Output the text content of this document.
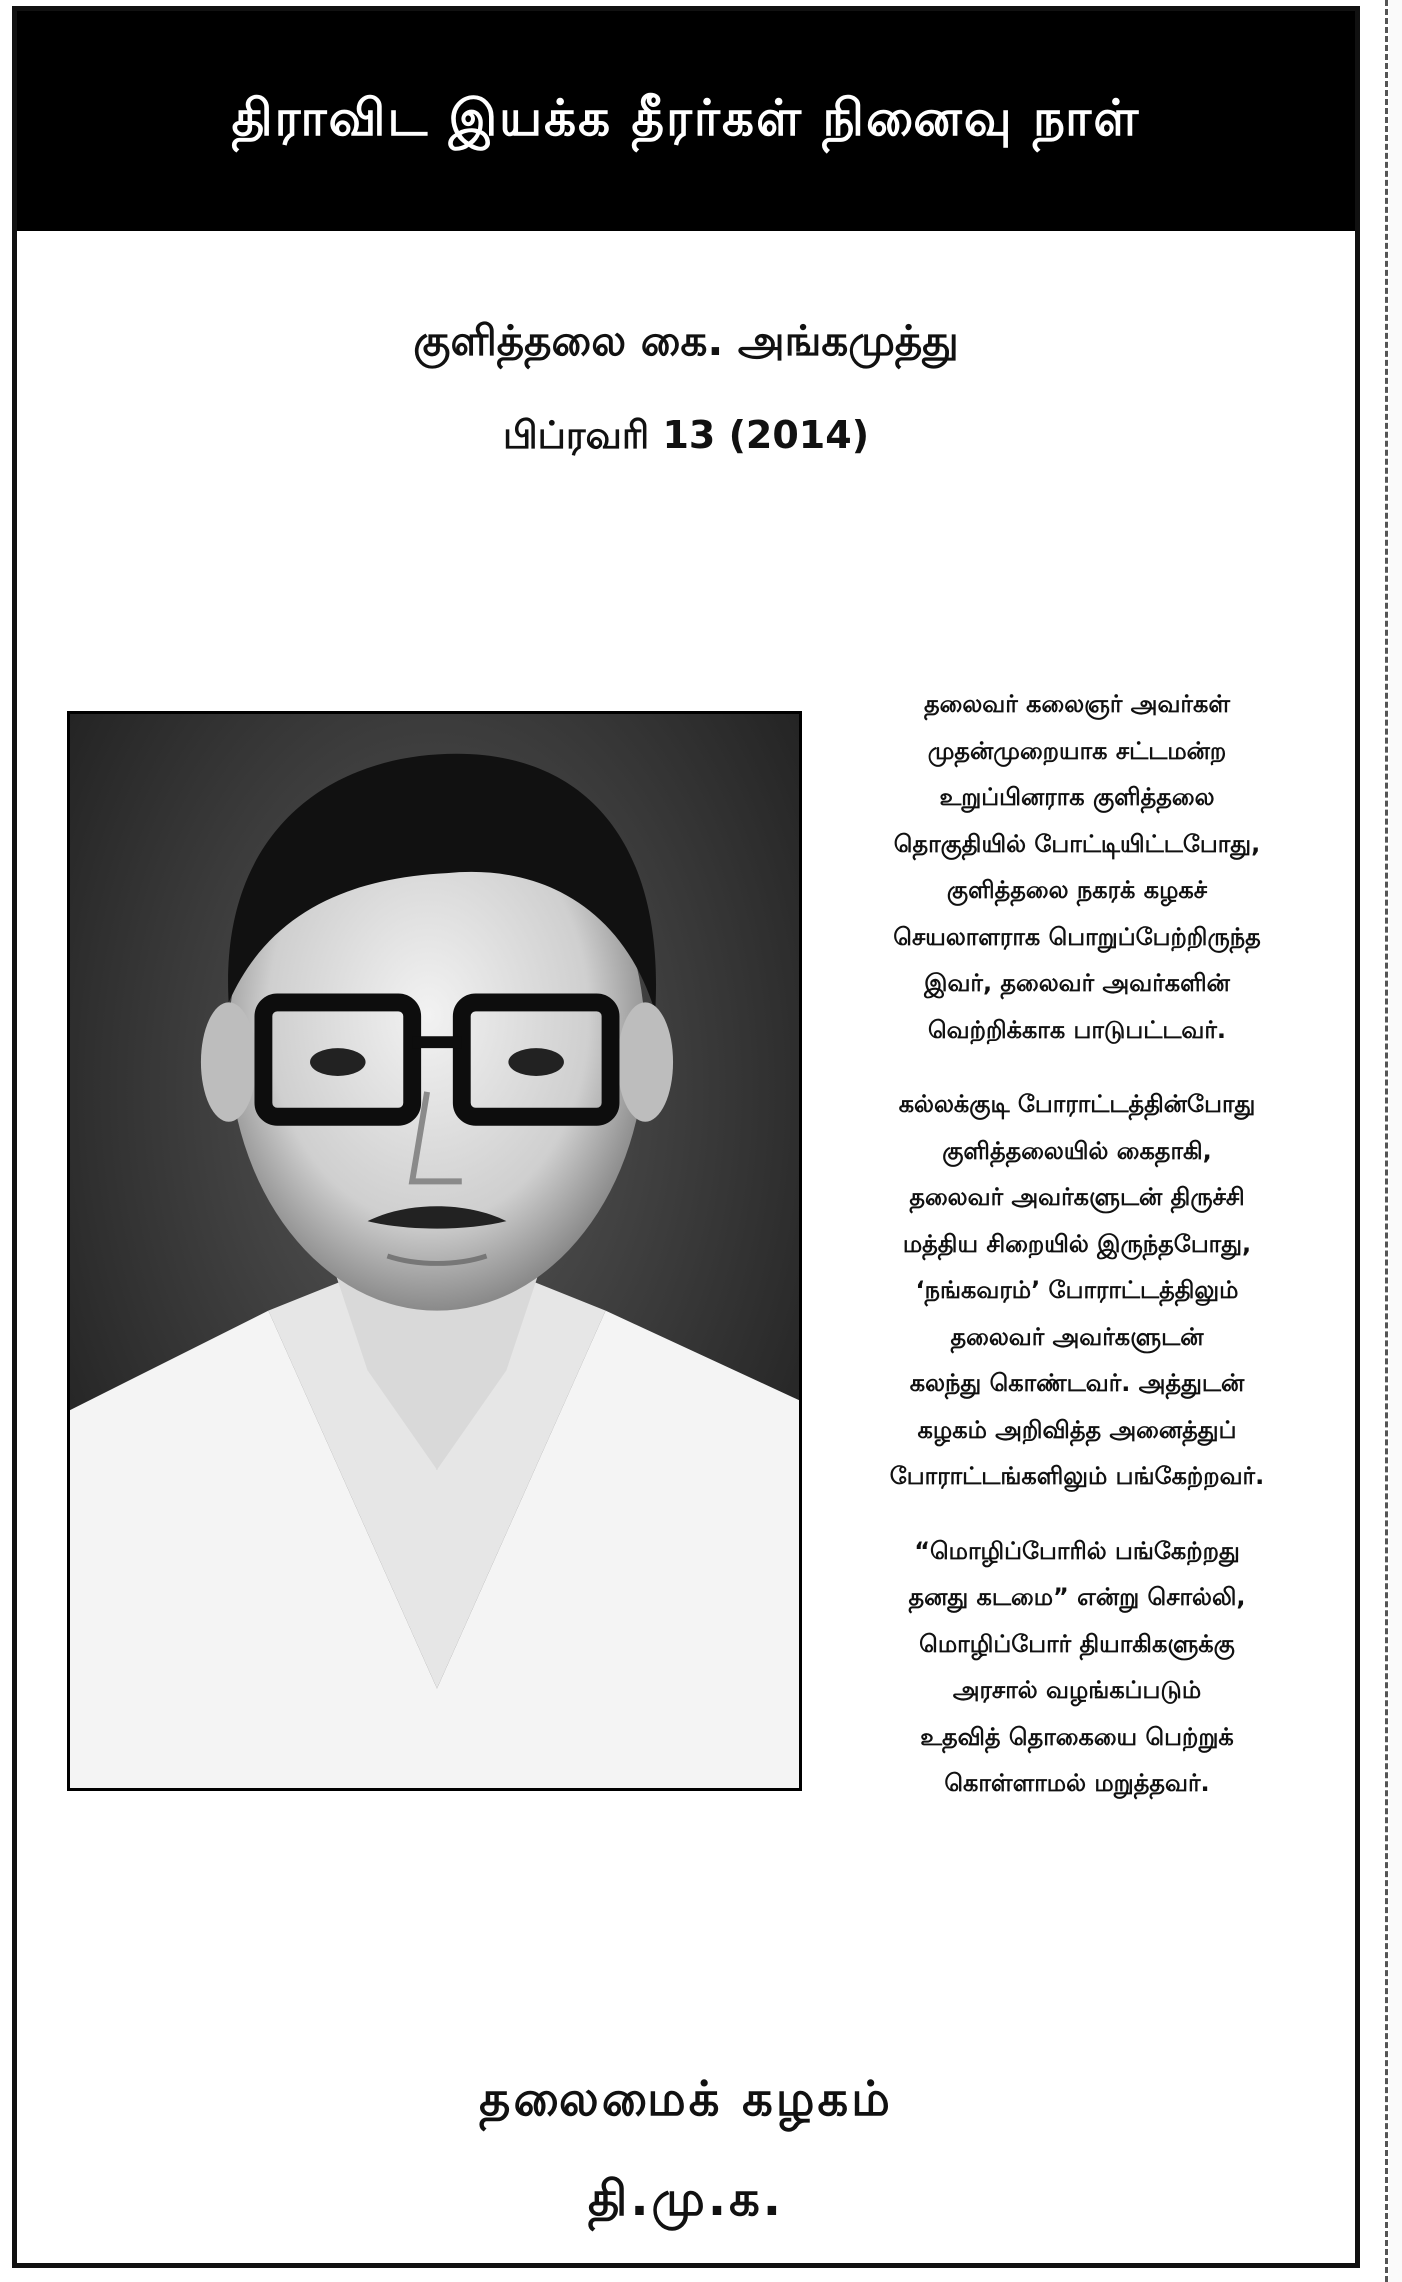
திராவிட இயக்க தீரர்கள் நினைவு நாள்
குளித்தலை கை. அங்கமுத்து
பிப்ரவரி 13 (2014)

தலைவர் கலைஞர் அவர்கள்
முதன்முறையாக சட்டமன்ற
உறுப்பினராக குளித்தலை
தொகுதியில் போட்டியிட்டபோது,
குளித்தலை நகரக் கழகச்
செயலாளராக பொறுப்பேற்றிருந்த
இவர், தலைவர் அவர்களின்
வெற்றிக்காக பாடுபட்டவர்.

கல்லக்குடி போராட்டத்தின்போது
குளித்தலையில் கைதாகி,
தலைவர் அவர்களுடன் திருச்சி
மத்திய சிறையில் இருந்தபோது,
‘நங்கவரம்’ போராட்டத்திலும்
தலைவர் அவர்களுடன்
கலந்து கொண்டவர். அத்துடன்
கழகம் அறிவித்த அனைத்துப்
போராட்டங்களிலும் பங்கேற்றவர்.

“மொழிப்போரில் பங்கேற்றது
தனது கடமை” என்று சொல்லி,
மொழிப்போர் தியாகிகளுக்கு
அரசால் வழங்கப்படும்
உதவித் தொகையை பெற்றுக்
கொள்ளாமல் மறுத்தவர்.

தலைமைக் கழகம்
தி.மு.க.
